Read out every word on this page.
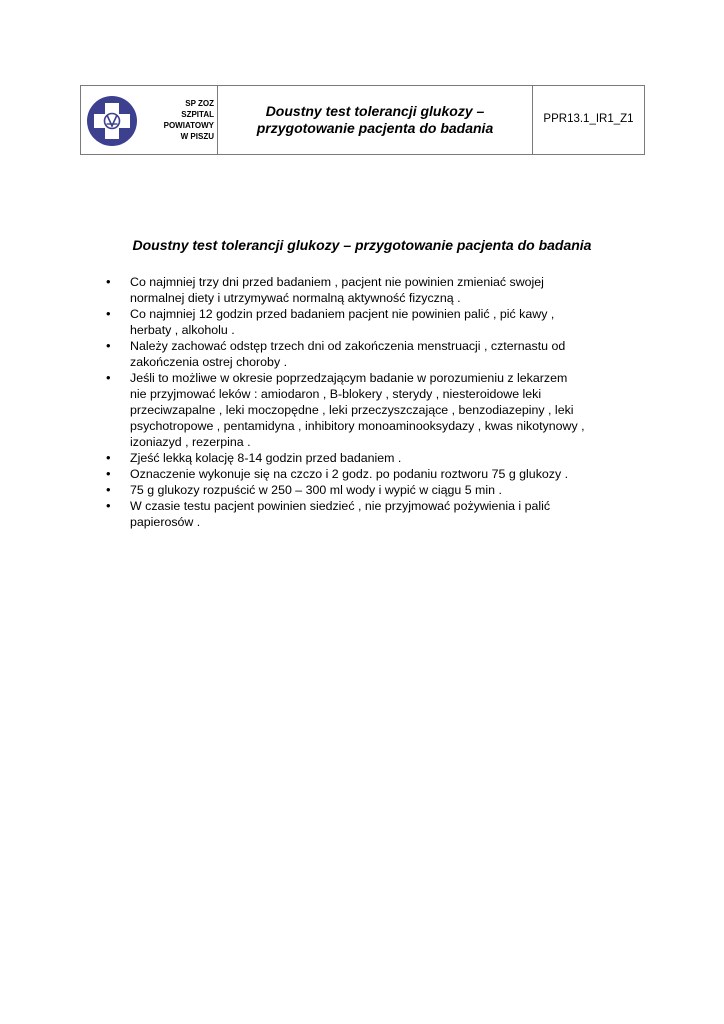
SP ZOZ
SZPITAL
POWIATOWY
W PISZU
Doustny test tolerancji glukozy –
przygotowanie pacjenta do badania
PPR13.1_IR1_Z1
Doustny test tolerancji glukozy – przygotowanie pacjenta do badania
• Co najmniej trzy dni przed badaniem , pacjent nie powinien zmieniać swojej
normalnej diety i utrzymywać normalną aktywność fizyczną .
• Co najmniej 12 godzin przed badaniem pacjent nie powinien palić , pić kawy ,
herbaty , alkoholu .
• Należy zachować odstęp trzech dni od zakończenia menstruacji , czternastu od
zakończenia ostrej choroby .
• Jeśli to możliwe w okresie poprzedzającym badanie w porozumieniu z lekarzem
nie przyjmować leków : amiodaron , B-blokery , sterydy , niesteroidowe leki
przeciwzapalne , leki moczopędne , leki przeczyszczające , benzodiazepiny , leki
psychotropowe , pentamidyna , inhibitory monoaminooksydazy , kwas nikotynowy ,
izoniazyd , rezerpina .
• Zjeść lekką kolację 8-14 godzin przed badaniem .
• Oznaczenie wykonuje się na czczo i 2 godz. po podaniu roztworu 75 g glukozy .
• 75 g glukozy rozpuścić w 250 – 300 ml wody i wypić w ciągu 5 min .
• W czasie testu pacjent powinien siedzieć , nie przyjmować pożywienia i palić
papierosów .
